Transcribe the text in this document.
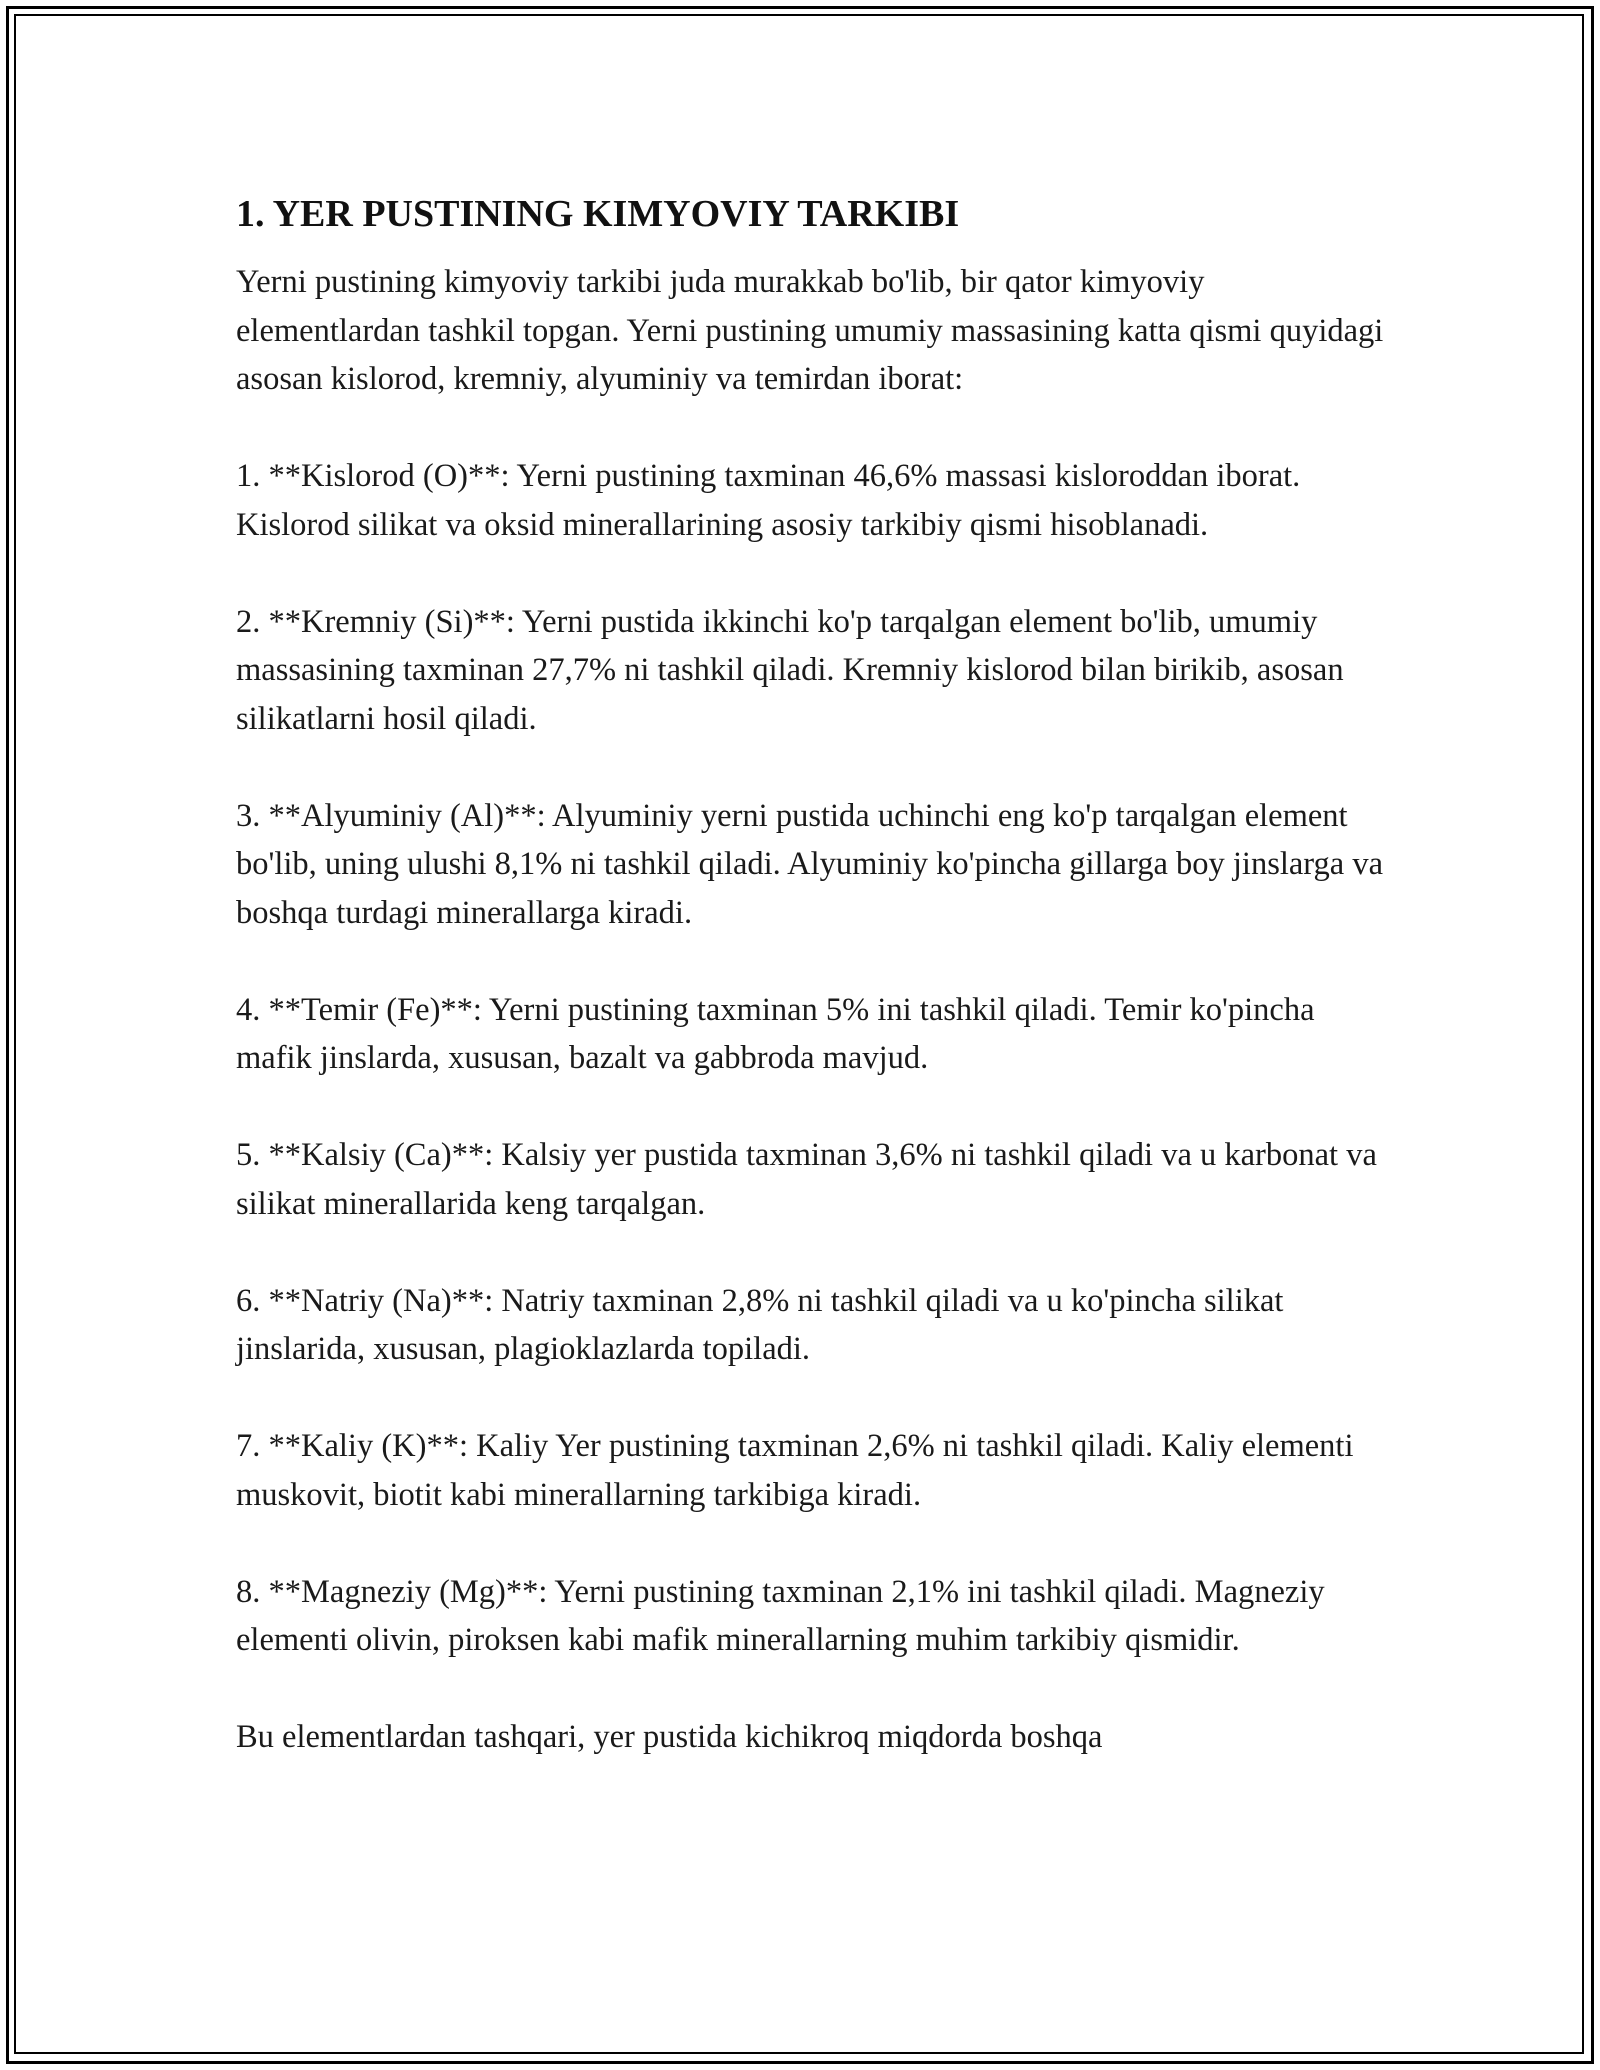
1. YER PUSTINING KIMYOVIY TARKIBI

Yerni pustining kimyoviy tarkibi juda murakkab bo'lib, bir qator kimyoviy elementlardan tashkil topgan. Yerni pustining umumiy massasining katta qismi quyidagi asosan kislorod, kremniy, alyuminiy va temirdan iborat:

1. **Kislorod (O)**: Yerni pustining taxminan 46,6% massasi kisloroddan iborat. Kislorod silikat va oksid minerallarining asosiy tarkibiy qismi hisoblanadi.

2. **Kremniy (Si)**: Yerni pustida ikkinchi ko'p tarqalgan element bo'lib, umumiy massasining taxminan 27,7% ni tashkil qiladi. Kremniy kislorod bilan birikib, asosan silikatlarni hosil qiladi.

3. **Alyuminiy (Al)**: Alyuminiy yerni pustida uchinchi eng ko'p tarqalgan element bo'lib, uning ulushi 8,1% ni tashkil qiladi. Alyuminiy ko'pincha gillarga boy jinslarga va boshqa turdagi minerallarga kiradi.

4. **Temir (Fe)**: Yerni pustining taxminan 5% ini tashkil qiladi. Temir ko'pincha mafik jinslarda, xususan, bazalt va gabbroda mavjud.

5. **Kalsiy (Ca)**: Kalsiy yer pustida taxminan 3,6% ni tashkil qiladi va u karbonat va silikat minerallarida keng tarqalgan.

6. **Natriy (Na)**: Natriy taxminan 2,8% ni tashkil qiladi va u ko'pincha silikat jinslarida, xususan, plagioklazlarda topiladi.

7. **Kaliy (K)**: Kaliy Yer pustining taxminan 2,6% ni tashkil qiladi. Kaliy elementi muskovit, biotit kabi minerallarning tarkibiga kiradi.

8. **Magneziy (Mg)**: Yerni pustining taxminan 2,1% ini tashkil qiladi. Magneziy elementi olivin, piroksen kabi mafik minerallarning muhim tarkibiy qismidir.

Bu elementlardan tashqari, yer pustida kichikroq miqdorda boshqa
